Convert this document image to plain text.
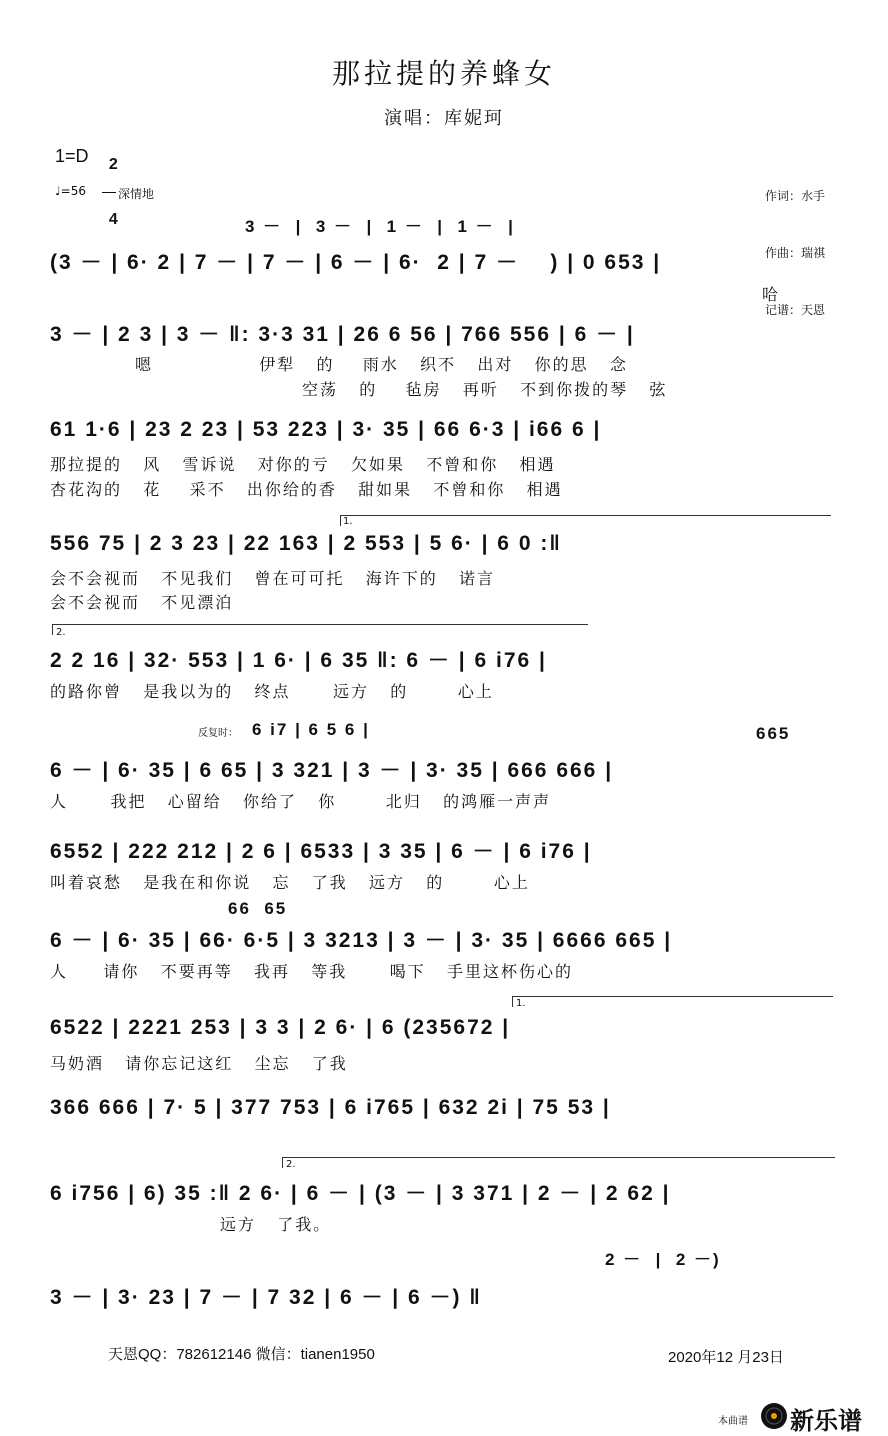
那拉提的养蜂女
演唱：库妮珂
1=D	2

4

♩=56	深情地

	作词：水手

作曲：瑞祺

记谱：天恩

3 －  |  3 －  |  1 －  |  1 －  |
(3 － | 6· 2 | 7 － | 7 － | 6 － | 6·  2 | 7 －    ) | 0 653 |
哈
3 － | 2 3 | 3 － ‖: 3·3 31 | 26 6 56 | 766 556 | 6 － |
嗯               伊犁   的    雨水   织不   出对   你的思   念
空荡   的    毡房   再听   不到你拨的琴   弦
61 1·6 | 23 2 23 | 53 223 | 3· 35 | 66 6·3 | i66 6 |
那拉提的   风   雪诉说   对你的亏   欠如果   不曾和你   相遇
杏花沟的   花    采不   出你给的香   甜如果   不曾和你   相遇
1.
556 75 | 2 3 23 | 22 163 | 2 553 | 5 6· | 6 0 :‖
会不会视而   不见我们   曾在可可托   海许下的   诺言
会不会视而   不见漂泊
2.
2 2 16 | 32· 553 | 1 6· | 6 35 ‖: 6 － | 6 i76 |
的路你曾   是我以为的   终点      远方   的       心上
反复时： 6 i7 | 6 5 6 |	665
6 － | 6· 35 | 6 65 | 3 321 | 3 － | 3· 35 | 666 666 |
人      我把   心留给   你给了   你       北归   的鸿雁一声声
6552 | 222 212 | 2 6 | 6533 | 3 35 | 6 － | 6 i76 |
叫着哀愁   是我在和你说   忘   了我   远方   的       心上
66  65
6 － | 6· 35 | 66· 6·5 | 3 3213 | 3 － | 3· 35 | 6666 665 |
人     请你   不要再等   我再   等我      喝下   手里这杯伤心的
1.
6522 | 2221 253 | 3 3 | 2 6· | 6 (235672 |
马奶酒   请你忘记这红   尘忘   了我
366 666 | 7· 5 | 377 753 | 6 i765 | 632 2i | 75 53 |
2.
6 i756 | 6) 35 :‖ 2 6· | 6 － | (3 － | 3 371 | 2 － | 2 62 |
远方   了我。
2 －  |  2 －)
3 － | 3· 23 | 7 － | 7 32 | 6 － | 6 －) ‖
天恩QQ：782612146 微信：tianen1950	2020年12 月23日
本曲谱 新乐谱
